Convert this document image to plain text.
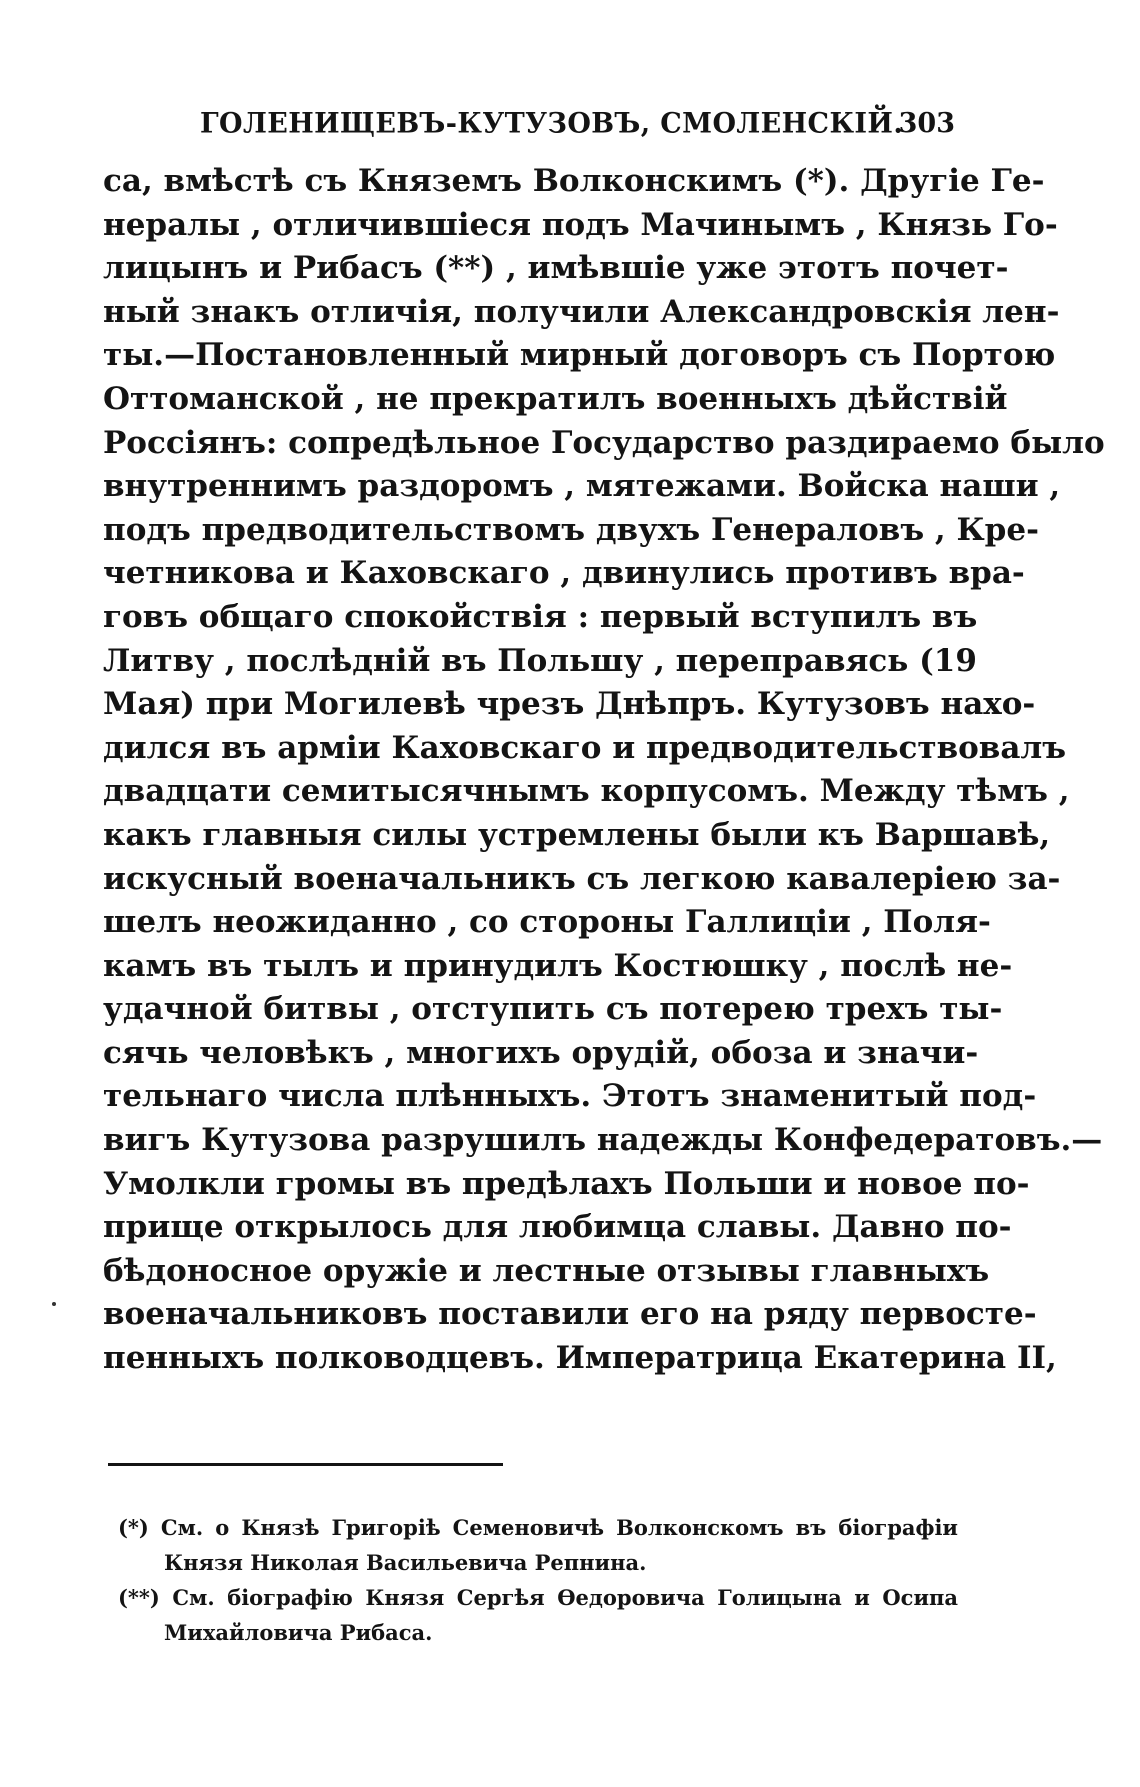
ГОЛЕНИЩЕВЪ-КУТУЗОВЪ, СМОЛЕНСКІЙ.
303
са, вмѣстѣ съ Княземъ Волконскимъ (*). Другіе Ге-
нералы , отличившіеся подъ Мачинымъ , Князь Го-
лицынъ и Рибасъ (**) , имѣвшіе уже этотъ почет-
ный знакъ отличія, получили Александровскія лен-
ты.—Постановленный мирный договоръ съ Портою
Оттоманской , не прекратилъ военныхъ дѣйствій
Россіянъ: сопредѣльное Государство раздираемо было
внутреннимъ раздоромъ , мятежами. Войска наши ,
подъ предводительствомъ двухъ Генераловъ , Кре-
четникова и Каховскаго , двинулись противъ вра-
говъ общаго спокойствія : первый вступилъ въ
Литву , послѣдній въ Польшу , переправясь (19
Мая) при Могилевѣ чрезъ Днѣпръ. Кутузовъ нахо-
дился въ арміи Каховскаго и предводительствовалъ
двадцати семитысячнымъ корпусомъ. Между тѣмъ ,
какъ главныя силы устремлены были къ Варшавѣ,
искусный военачальникъ съ легкою кавалеріею за-
шелъ неожиданно , со стороны Галлиціи , Поля-
камъ въ тылъ и принудилъ Костюшку , послѣ не-
удачной битвы , отступить съ потерею трехъ ты-
сячь человѣкъ , многихъ орудій, обоза и значи-
тельнаго числа плѣнныхъ. Этотъ знаменитый под-
вигъ Кутузова разрушилъ надежды Конфедератовъ.—
Умолкли громы въ предѣлахъ Польши и новое по-
прище открылось для любимца славы. Давно по-
бѣдоносное оружіе и лестные отзывы главныхъ
военачальниковъ поставили его на ряду первосте-
пенныхъ полководцевъ. Императрица Екатерина II,
(*) См. о Князѣ Григоріѣ Семеновичѣ Волконскомъ въ біографіи
Князя Николая Васильевича Репнина.
(**) См. біографію Князя Сергѣя Ѳедоровича Голицына и Осипа
Михайловича Рибаса.
